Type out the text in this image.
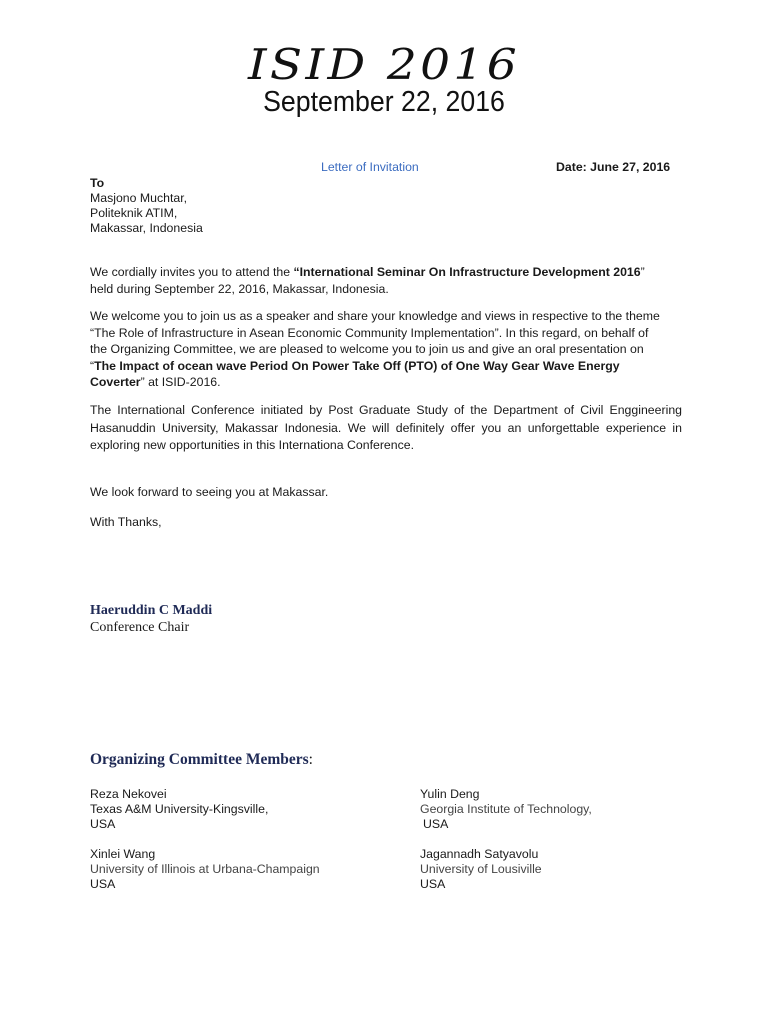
ISID 2016
September 22, 2016
Letter of Invitation	Date: June 27, 2016
To
Masjono Muchtar,
Politeknik ATIM,
Makassar, Indonesia
We cordially invites you to attend the “International Seminar On Infrastructure Development 2016”
held during September 22, 2016, Makassar, Indonesia.
We welcome you to join us as a speaker and share your knowledge and views in respective to the theme
“The Role of Infrastructure in Asean Economic Community Implementation”. In this regard, on behalf of
the Organizing Committee, we are pleased to welcome you to join us and give an oral presentation on
“The Impact of ocean wave Period On Power Take Off (PTO) of One Way Gear Wave Energy
Coverter” at ISID-2016.
The International Conference initiated by Post Graduate Study of the Department of Civil Enggineering
Hasanuddin University, Makassar Indonesia. We will definitely offer you an unforgettable experience in
exploring new opportunities in this Internationa Conference.
We look forward to seeing you at Makassar.
With Thanks,
Haeruddin C Maddi
Conference Chair
Organizing Committee Members:
Reza Nekovei
Texas A&M University-Kingsville,
USA
Yulin Deng
Georgia Institute of Technology,
USA
Xinlei Wang
University of Illinois at Urbana-Champaign
USA
Jagannadh Satyavolu
University of Lousiville
USA
